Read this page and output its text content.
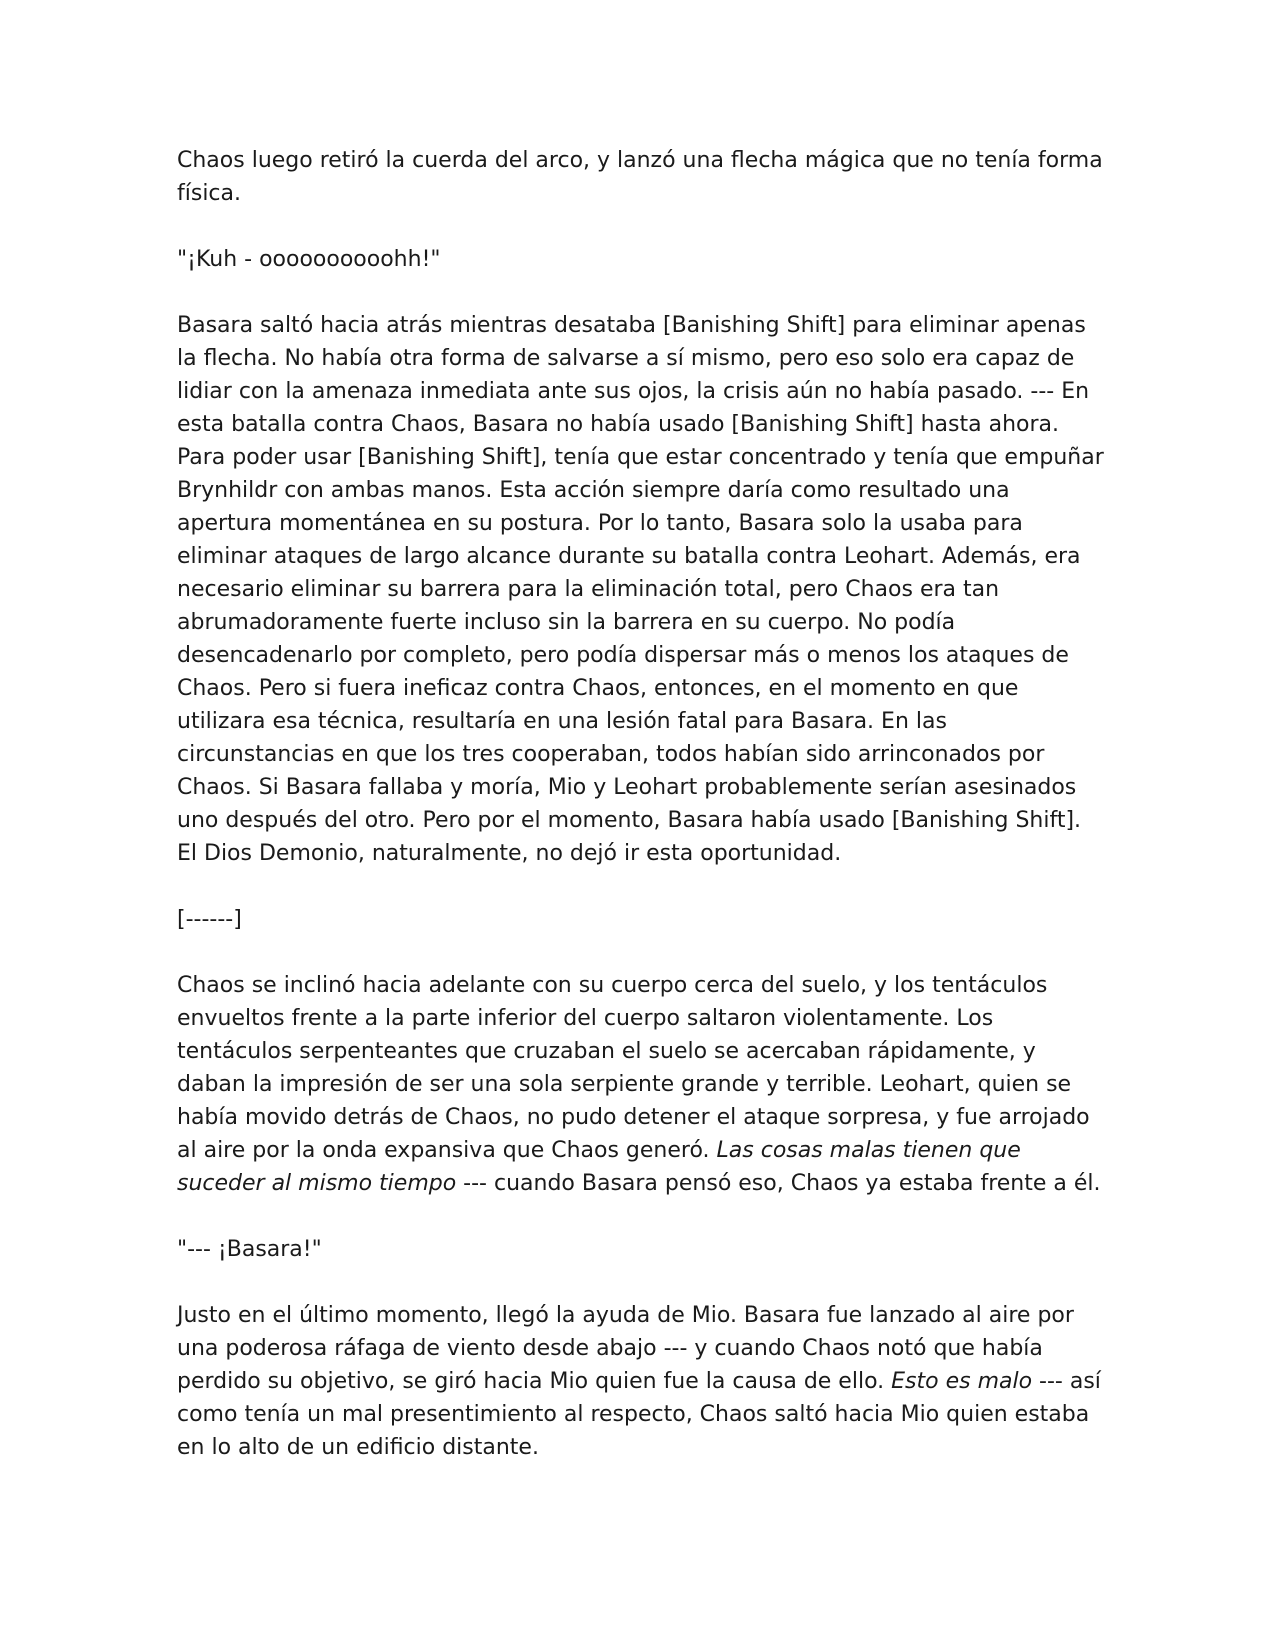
Chaos luego retiró la cuerda del arco, y lanzó una flecha mágica que no tenía forma física.

"¡Kuh - oooooooooohh!"

Basara saltó hacia atrás mientras desataba [Banishing Shift] para eliminar apenas la flecha. No había otra forma de salvarse a sí mismo, pero eso solo era capaz de lidiar con la amenaza inmediata ante sus ojos, la crisis aún no había pasado. --- En esta batalla contra Chaos, Basara no había usado [Banishing Shift] hasta ahora. Para poder usar [Banishing Shift], tenía que estar concentrado y tenía que empuñar Brynhildr con ambas manos. Esta acción siempre daría como resultado una apertura momentánea en su postura. Por lo tanto, Basara solo la usaba para eliminar ataques de largo alcance durante su batalla contra Leohart. Además, era necesario eliminar su barrera para la eliminación total, pero Chaos era tan abrumadoramente fuerte incluso sin la barrera en su cuerpo. No podía desencadenarlo por completo, pero podía dispersar más o menos los ataques de Chaos. Pero si fuera ineficaz contra Chaos, entonces, en el momento en que utilizara esa técnica, resultaría en una lesión fatal para Basara. En las circunstancias en que los tres cooperaban, todos habían sido arrinconados por Chaos. Si Basara fallaba y moría, Mio y Leohart probablemente serían asesinados uno después del otro. Pero por el momento, Basara había usado [Banishing Shift]. El Dios Demonio, naturalmente, no dejó ir esta oportunidad.

[------]

Chaos se inclinó hacia adelante con su cuerpo cerca del suelo, y los tentáculos envueltos frente a la parte inferior del cuerpo saltaron violentamente. Los tentáculos serpenteantes que cruzaban el suelo se acercaban rápidamente, y daban la impresión de ser una sola serpiente grande y terrible. Leohart, quien se había movido detrás de Chaos, no pudo detener el ataque sorpresa, y fue arrojado al aire por la onda expansiva que Chaos generó. Las cosas malas tienen que suceder al mismo tiempo --- cuando Basara pensó eso, Chaos ya estaba frente a él.

"--- ¡Basara!"

Justo en el último momento, llegó la ayuda de Mio. Basara fue lanzado al aire por una poderosa ráfaga de viento desde abajo --- y cuando Chaos notó que había perdido su objetivo, se giró hacia Mio quien fue la causa de ello. Esto es malo --- así como tenía un mal presentimiento al respecto, Chaos saltó hacia Mio quien estaba en lo alto de un edificio distante.
